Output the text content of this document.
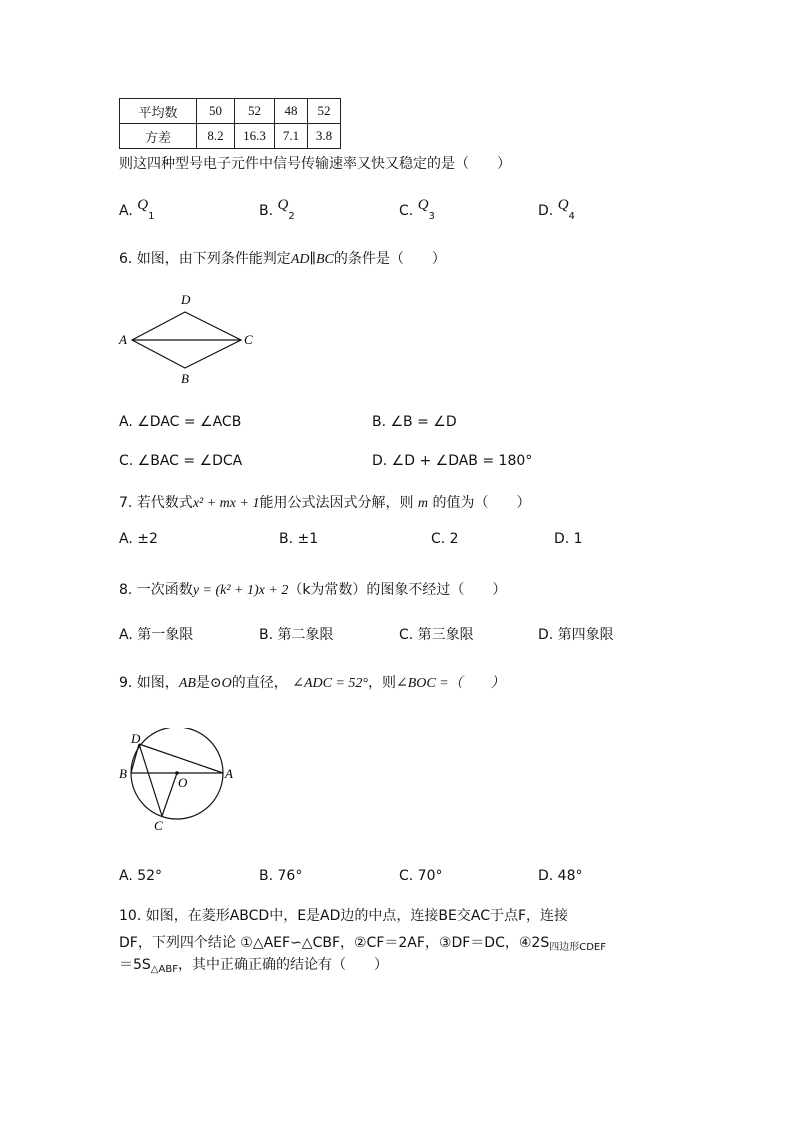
平均数	50	52	48	52
方差	8.2	16.3	7.1	3.8
则这四种型号电子元件中信号传输速率又快又稳定的是（　　）
A. $Q_1$	B. $Q_2$	C. $Q_3$	D. $Q_4$
6. 如图，由下列条件能判定AD∥BC的条件是（　　）
D
A	C
B
A. ∠DAC = ∠ACB	B. ∠B = ∠D
C. ∠BAC = ∠DCA	D. ∠D + ∠DAB = 180°
7. 若代数式x² + mx + 1能用公式法因式分解，则 m 的值为（　　）
A. ±2	B. ±1	C. 2	D. 1
8. 一次函数y = (k² + 1)x + 2（k为常数）的图象不经过（　　）
A. 第一象限	B. 第二象限	C. 第三象限	D. 第四象限
9. 如图，AB是⊙O的直径， ∠ADC = 52°，则∠BOC =（　　）
D
B	A
O
C
A. 52°	B. 76°	C. 70°	D. 48°
10. 如图，在菱形ABCD中，E是AD边的中点，连接BE交AC于点F，连接
DF，下列四个结论 ①△AEF∽△CBF，②CF＝2AF，③DF＝DC，$④2S_{四边形CDEF}$
$=5S_{\triangle ABF}$，其中正确正确的结论有（　　）
